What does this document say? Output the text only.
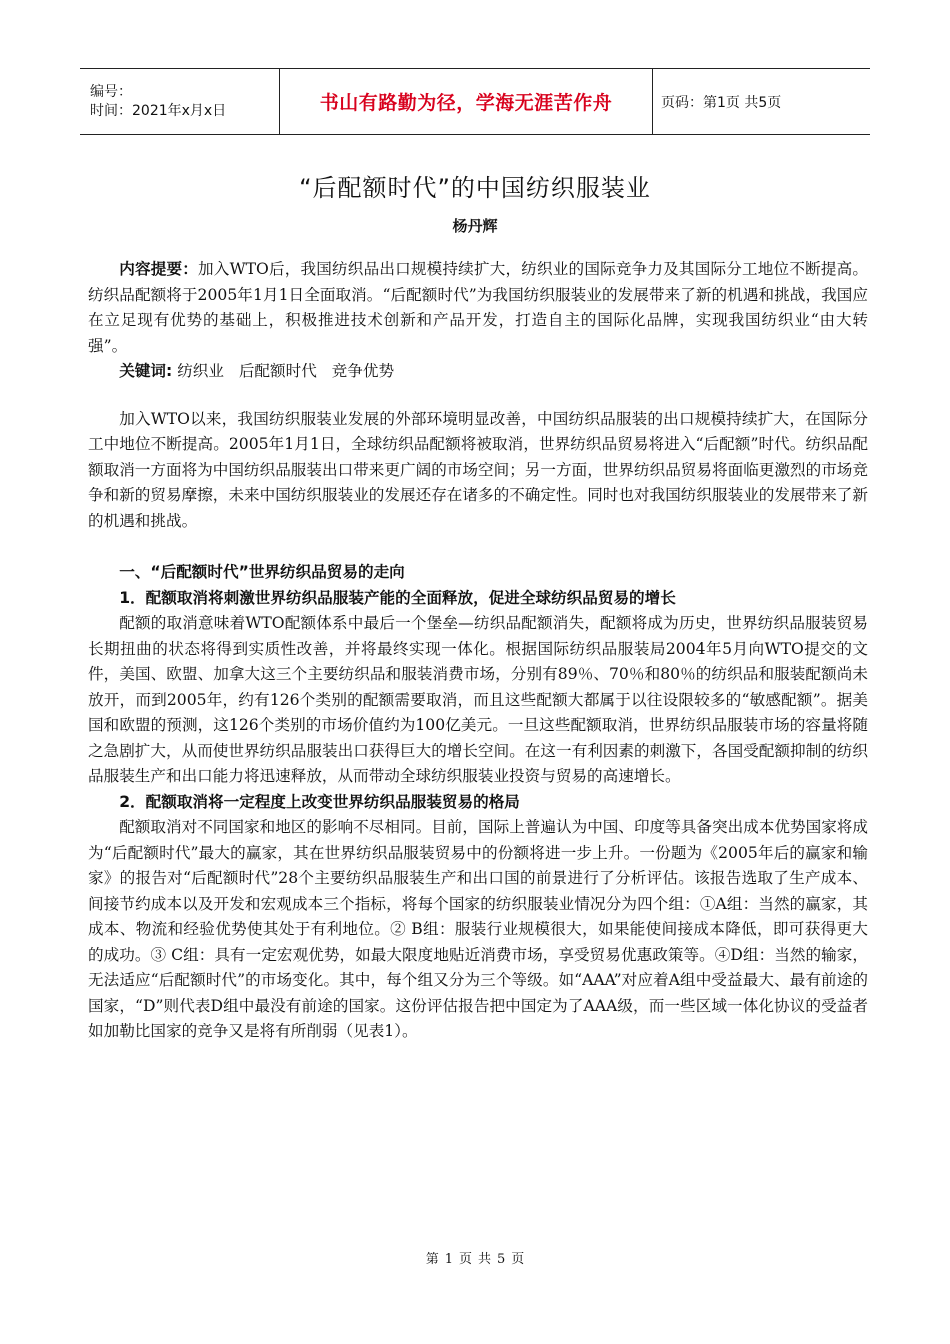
编号：
时间：2021年x月x日	书山有路勤为径，学海无涯苦作舟	页码：第1页 共5页
“后配额时代”的中国纺织服装业
杨丹辉

内容提要：加入WTO后，我国纺织品出口规模持续扩大，纺织业的国际竞争力及其国际分工地位不断提高。纺织品配额将于2005年1月1日全面取消。“后配额时代”为我国纺织服装业的发展带来了新的机遇和挑战，我国应在立足现有优势的基础上，积极推进技术创新和产品开发，打造自主的国际化品牌，实现我国纺织业“由大转强”。

关键词: 纺织业   后配额时代   竞争优势

加入WTO以来，我国纺织服装业发展的外部环境明显改善，中国纺织品服装的出口规模持续扩大，在国际分工中地位不断提高。2005年1月1日，全球纺织品配额将被取消，世界纺织品贸易将进入“后配额”时代。纺织品配额取消一方面将为中国纺织品服装出口带来更广阔的市场空间；另一方面，世界纺织品贸易将面临更激烈的市场竞争和新的贸易摩擦，未来中国纺织服装业的发展还存在诸多的不确定性。同时也对我国纺织服装业的发展带来了新的机遇和挑战。

一、“后配额时代”世界纺织品贸易的走向

1．配额取消将刺激世界纺织品服装产能的全面释放，促进全球纺织品贸易的增长

配额的取消意味着WTO配额体系中最后一个堡垒—纺织品配额消失，配额将成为历史，世界纺织品服装贸易长期扭曲的状态将得到实质性改善，并将最终实现一体化。根据国际纺织品服装局2004年5月向WTO提交的文件，美国、欧盟、加拿大这三个主要纺织品和服装消费市场，分别有89％、70％和80％的纺织品和服装配额尚未放开，而到2005年，约有126个类别的配额需要取消，而且这些配额大都属于以往设限较多的“敏感配额”。据美国和欧盟的预测，这126个类别的市场价值约为100亿美元。一旦这些配额取消，世界纺织品服装市场的容量将随之急剧扩大，从而使世界纺织品服装出口获得巨大的增长空间。在这一有利因素的刺激下，各国受配额抑制的纺织品服装生产和出口能力将迅速释放，从而带动全球纺织服装业投资与贸易的高速增长。

2．配额取消将一定程度上改变世界纺织品服装贸易的格局

配额取消对不同国家和地区的影响不尽相同。目前，国际上普遍认为中国、印度等具备突出成本优势国家将成为“后配额时代”最大的赢家，其在世界纺织品服装贸易中的份额将进一步上升。一份题为《2005年后的赢家和输家》的报告对“后配额时代”28个主要纺织品服装生产和出口国的前景进行了分析评估。该报告选取了生产成本、间接节约成本以及开发和宏观成本三个指标，将每个国家的纺织服装业情况分为四个组：①A组：当然的赢家，其成本、物流和经验优势使其处于有利地位。② B组：服装行业规模很大，如果能使间接成本降低，即可获得更大的成功。③ C组：具有一定宏观优势，如最大限度地贴近消费市场，享受贸易优惠政策等。④D组：当然的输家，无法适应“后配额时代”的市场变化。其中，每个组又分为三个等级。如“AAA”对应着A组中受益最大、最有前途的国家，“D”则代表D组中最没有前途的国家。这份评估报告把中国定为了AAA级，而一些区域一体化协议的受益者如加勒比国家的竞争又是将有所削弱（见表1）。

第 1 页 共 5 页
